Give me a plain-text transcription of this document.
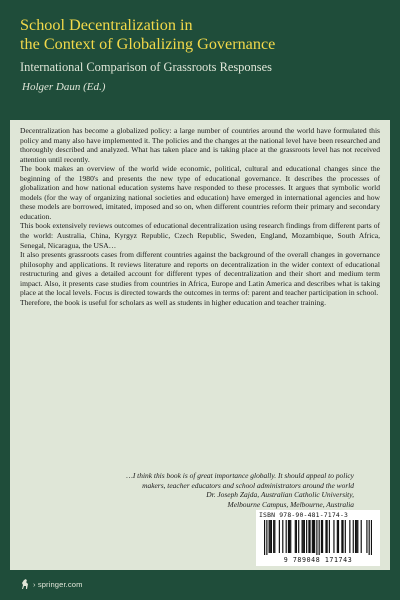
School Decentralization in
the Context of Globalizing Governance
International Comparison of Grassroots Responses
Holger Daun (Ed.)

Decentralization has become a globalized policy: a large number of countries around the world have formulated this policy and many also have implemented it. The policies and the changes at the national level have been researched and thoroughly described and analyzed. What has taken place and is taking place at the grassroots level has not received attention until recently.

The book makes an overview of the world wide economic, political, cultural and educational changes since the beginning of the 1980's and presents the new type of educational governance. It describes the processes of globalization and how national education systems have responded to these processes. It argues that symbolic world models (for the way of organizing national societies and education) have emerged in international agencies and how these models are borrowed, imitated, imposed and so on, when different countries reform their primary and secondary education.

This book extensively reviews outcomes of educational decentralization using research findings from different parts of the world: Australia, China, Kyrgyz Republic, Czech Republic, Sweden, England, Mozambique, South Africa, Senegal, Nicaragua, the USA…

It also presents grassroots cases from different countries against the background of the overall changes in governance philosophy and applications. It reviews literature and reports on decentralization in the wider context of educational restructuring and gives a detailed account for different types of decentralization and their short and medium term impact. Also, it presents case studies from countries in Africa, Europe and Latin America and describes what is taking place at the local levels. Focus is directed towards the outcomes in terms of: parent and teacher participation in school.

Therefore, the book is useful for scholars as well as students in higher education and teacher training.

…I think this book is of great importance globally. It should appeal to policy

makers, teacher educators and school administrators around the world

Dr. Joseph Zajda, Australian Catholic University,

Melbourne Campus, Melbourne, Australia

ISBN 978-90-481-7174-3
9 789048 171743
› springer.com
